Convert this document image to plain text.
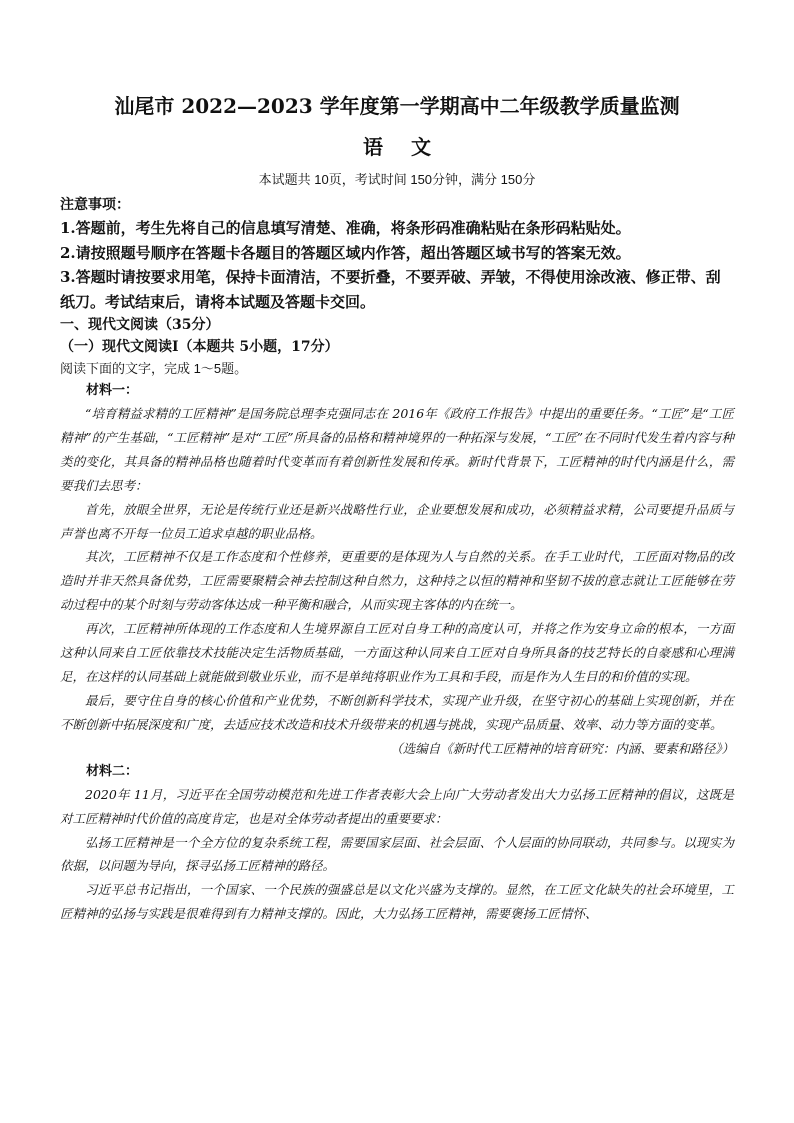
汕尾市 2022—2023 学年度第一学期高中二年级教学质量监测
语文
本试题共 10页，考试时间 150分钟，满分 150分
注意事项：

1.答题前，考生先将自己的信息填写清楚、准确，将条形码准确粘贴在条形码粘贴处。

2.请按照题号顺序在答题卡各题目的答题区域内作答，超出答题区域书写的答案无效。

3.答题时请按要求用笔，保持卡面清洁，不要折叠，不要弄破、弄皱，不得使用涂改液、修正带、刮纸刀。考试结束后，请将本试题及答题卡交回。

一、现代文阅读（35分）
（一）现代文阅读Ⅰ（本题共 5小题，17分）
阅读下面的文字，完成 1～5题。
材料一：

“培育精益求精的工匠精神”是国务院总理李克强同志在 2016年《政府工作报告》中提出的重要任务。“工匠”是“工匠精神”的产生基础，“工匠精神”是对“工匠”所具备的品格和精神境界的一种拓深与发展，“工匠”在不同时代发生着内容与种类的变化，其具备的精神品格也随着时代变革而有着创新性发展和传承。新时代背景下，工匠精神的时代内涵是什么，需要我们去思考：

首先，放眼全世界，无论是传统行业还是新兴战略性行业，企业要想发展和成功，必须精益求精，公司要提升品质与声誉也离不开每一位员工追求卓越的职业品格。

其次，工匠精神不仅是工作态度和个性修养，更重要的是体现为人与自然的关系。在手工业时代，工匠面对物品的改造时并非天然具备优势，工匠需要聚精会神去控制这种自然力，这种持之以恒的精神和坚韧不拔的意志就让工匠能够在劳动过程中的某个时刻与劳动客体达成一种平衡和融合，从而实现主客体的内在统一。

再次，工匠精神所体现的工作态度和人生境界源自工匠对自身工种的高度认可，并将之作为安身立命的根本，一方面这种认同来自工匠依靠技术技能决定生活物质基础，一方面这种认同来自工匠对自身所具备的技艺特长的自豪感和心理满足，在这样的认同基础上就能做到敬业乐业，而不是单纯将职业作为工具和手段，而是作为人生目的和价值的实现。

最后，要守住自身的核心价值和产业优势，不断创新科学技术，实现产业升级，在坚守初心的基础上实现创新，并在不断创新中拓展深度和广度，去适应技术改造和技术升级带来的机遇与挑战，实现产品质量、效率、动力等方面的变革。

（选编自《新时代工匠精神的培育研究：内涵、要素和路径》）

材料二：

2020年 11月，习近平在全国劳动模范和先进工作者表彰大会上向广大劳动者发出大力弘扬工匠精神的倡议，这既是对工匠精神时代价值的高度肯定，也是对全体劳动者提出的重要要求：

弘扬工匠精神是一个全方位的复杂系统工程，需要国家层面、社会层面、个人层面的协同联动，共同参与。以现实为依据，以问题为导向，探寻弘扬工匠精神的路径。

习近平总书记指出，一个国家、一个民族的强盛总是以文化兴盛为支撑的。显然，在工匠文化缺失的社会环境里，工匠精神的弘扬与实践是很难得到有力精神支撑的。因此，大力弘扬工匠精神，需要褒扬工匠情怀、
